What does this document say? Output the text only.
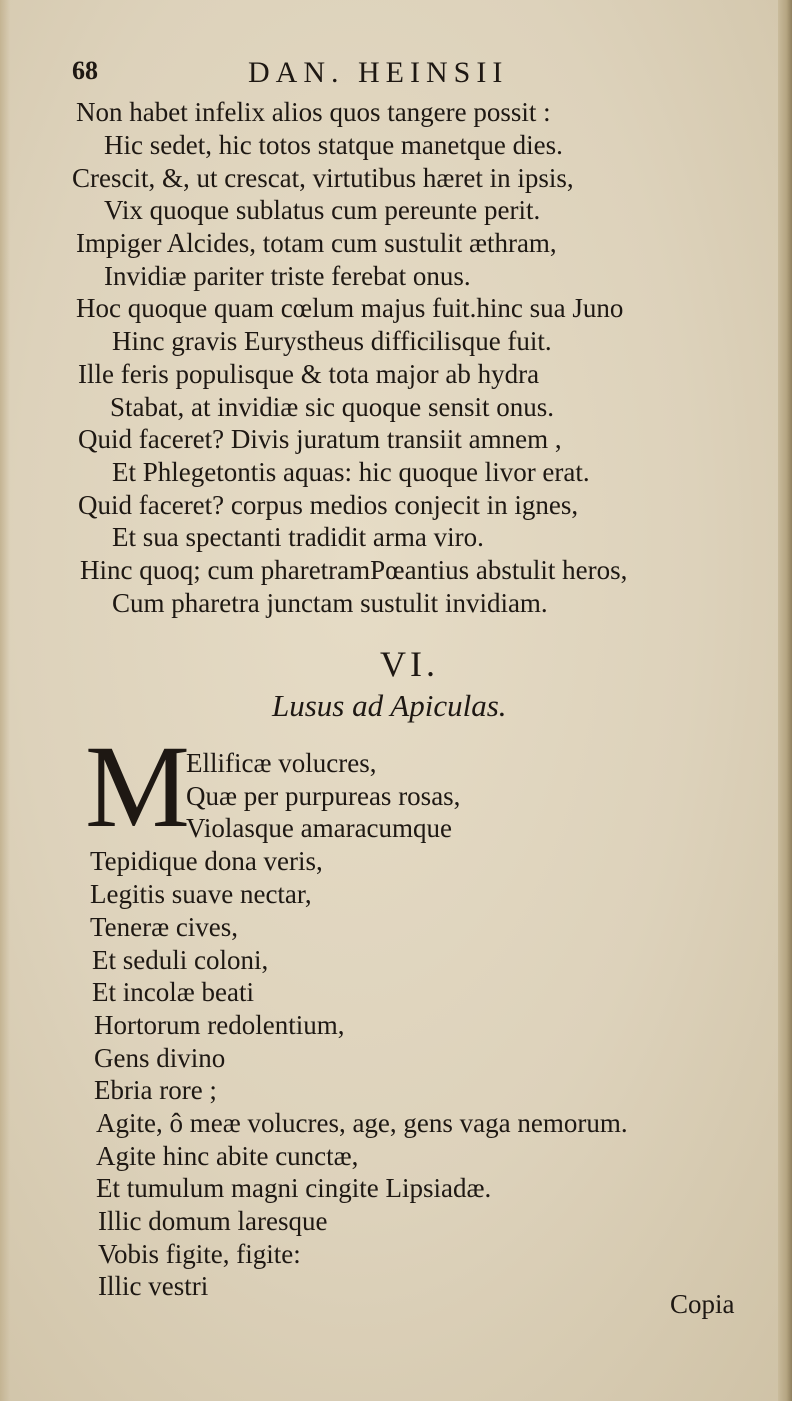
68	DAN. HEINSII
Non habet infelix alios quos tangere possit :
Hic sedet, hic totos statque manetque dies.
Crescit, &, ut crescat, virtutibus hæret in ipsis,
Vix quoque sublatus cum pereunte perit.
Impiger Alcides, totam cum sustulit æthram,
Invidiæ pariter triste ferebat onus.
Hoc quoque quam cœlum majus fuit.hinc sua Juno
Hinc gravis Eurystheus difficilisque fuit.
Ille feris populisque & tota major ab hydra
Stabat, at invidiæ sic quoque sensit onus.
Quid faceret? Divis juratum transiit amnem ,
Et Phlegetontis aquas: hic quoque livor erat.
Quid faceret? corpus medios conjecit in ignes,
Et sua spectanti tradidit arma viro.
Hinc quoq; cum pharetramPœantius abstulit heros,
Cum pharetra junctam sustulit invidiam.
VI.
Lusus ad Apiculas.
M
Ellificæ volucres,
Quæ per purpureas rosas,
Violasque amaracumque
Tepidique dona veris,
Legitis suave nectar,
Teneræ cives,
Et seduli coloni,
Et incolæ beati
Hortorum redolentium,
Gens divino
Ebria rore ;
Agite, ô meæ volucres, age, gens vaga nemorum.
Agite hinc abite cunctæ,
Et tumulum magni cingite Lipsiadæ.
Illic domum laresque
Vobis figite, figite:
Illic vestri
Copia
